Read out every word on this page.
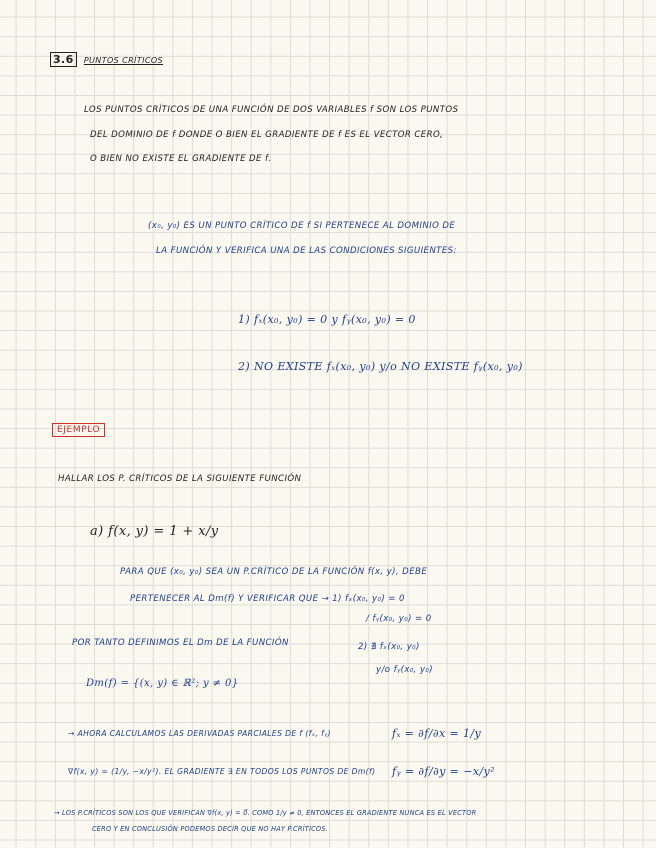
3.6 PUNTOS CRÍTICOS
LOS PUNTOS CRÍTICOS DE UNA FUNCIÓN DE DOS VARIABLES f SON LOS PUNTOS
DEL DOMINIO DE f DONDE O BIEN EL GRADIENTE DE f ES EL VECTOR CERO,
O BIEN NO EXISTE EL GRADIENTE DE f.
(x₀, y₀) ES UN PUNTO CRÍTICO DE f SI PERTENECE AL DOMINIO DE
LA FUNCIÓN Y VERIFICA UNA DE LAS CONDICIONES SIGUIENTES:
1) fₓ(x₀, y₀) = 0 y fᵧ(x₀, y₀) = 0
2) NO EXISTE fₓ(x₀, y₀) y/o NO EXISTE fᵧ(x₀, y₀)
EJEMPLO
HALLAR LOS P. CRÍTICOS DE LA SIGUIENTE FUNCIÓN
a) f(x, y) = 1 + x/y
PARA QUE (x₀, y₀) SEA UN P.CRÍTICO DE LA FUNCIÓN f(x, y), DEBE
PERTENECER AL Dm(f) Y VERIFICAR QUE → 1) fₓ(x₀, y₀) = 0
/ fᵧ(x₀, y₀) = 0
POR TANTO DEFINIMOS EL Dm DE LA FUNCIÓN	2) ∄ fₓ(x₀, y₀)
y/o fᵧ(x₀, y₀)
Dm(f) = {(x, y) ∈ ℝ²; y ≠ 0}
→ AHORA CALCULAMOS LAS DERIVADAS PARCIALES DE f (fₓ, fᵧ)	fₓ = ∂f/∂x = 1/y
∇f(x, y) = (1/y, −x/y²). EL GRADIENTE ∃ EN TODOS LOS PUNTOS DE Dm(f) fᵧ = ∂f/∂y = −x/y²
→ LOS P.CRÍTICOS SON LOS QUE VERIFICAN ∇f(x, y) = 0⃗. COMO 1/y ≠ 0, ENTONCES EL GRADIENTE NUNCA ES EL VECTOR
CERO Y EN CONCLUSIÓN PODEMOS DECIR QUE NO HAY P.CRÍTICOS.
